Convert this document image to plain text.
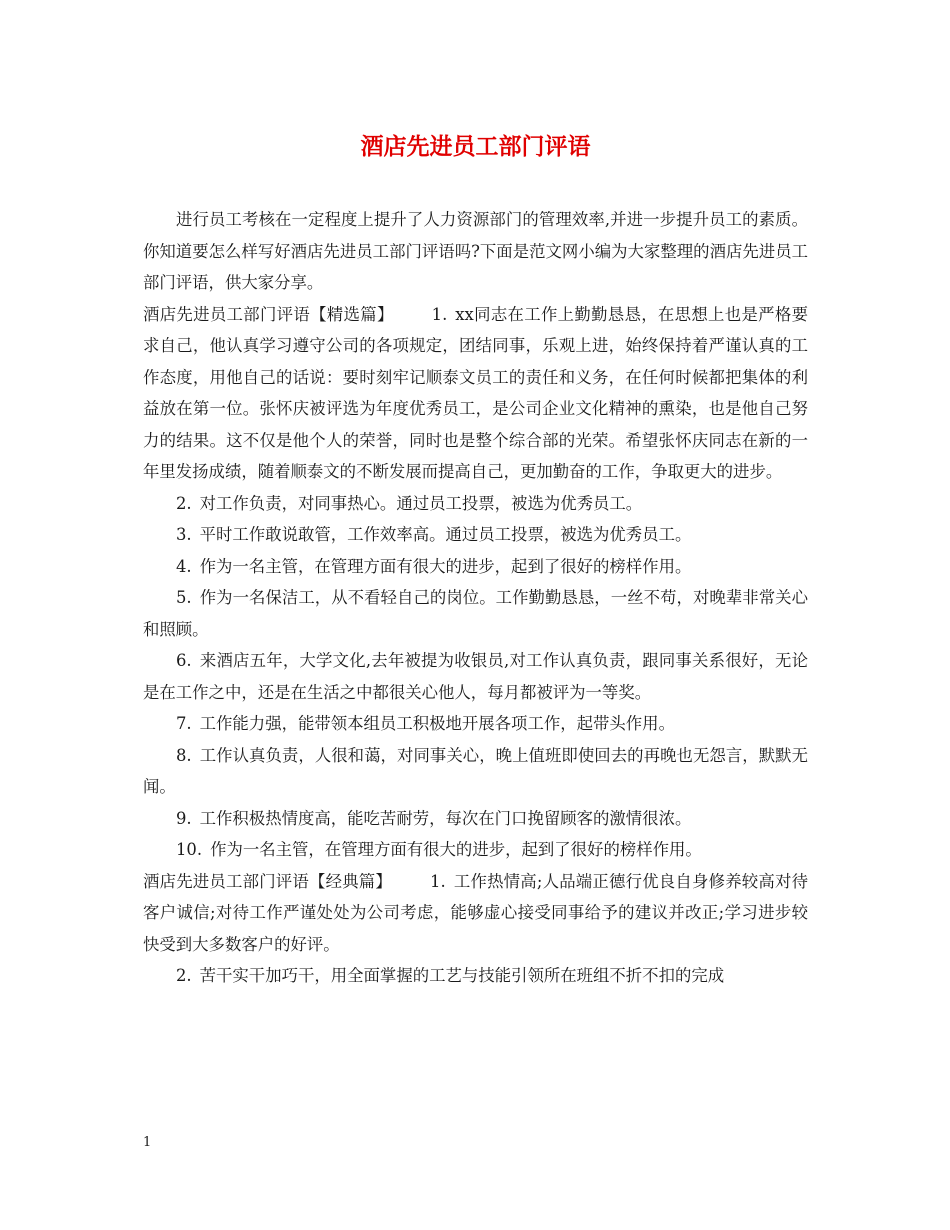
酒店先进员工部门评语

进行员工考核在一定程度上提升了人力资源部门的管理效率,并进一步提升员工的素质。你知道要怎么样写好酒店先进员工部门评语吗?下面是范文网小编为大家整理的酒店先进员工部门评语，供大家分享。

酒店先进员工部门评语【精选篇】 1. xx同志在工作上勤勤恳恳，在思想上也是严格要求自己，他认真学习遵守公司的各项规定，团结同事，乐观上进，始终保持着严谨认真的工作态度，用他自己的话说：要时刻牢记顺泰文员工的责任和义务，在任何时候都把集体的利益放在第一位。张怀庆被评选为年度优秀员工，是公司企业文化精神的熏染，也是他自己努力的结果。这不仅是他个人的荣誉，同时也是整个综合部的光荣。希望张怀庆同志在新的一年里发扬成绩，随着顺泰文的不断发展而提高自己，更加勤奋的工作，争取更大的进步。

2. 对工作负责，对同事热心。通过员工投票，被选为优秀员工。

3. 平时工作敢说敢管，工作效率高。通过员工投票，被选为优秀员工。

4. 作为一名主管，在管理方面有很大的进步，起到了很好的榜样作用。

5. 作为一名保洁工，从不看轻自己的岗位。工作勤勤恳恳，一丝不苟，对晚辈非常关心和照顾。

6. 来酒店五年，大学文化,去年被提为收银员,对工作认真负责，跟同事关系很好，无论是在工作之中，还是在生活之中都很关心他人，每月都被评为一等奖。

7. 工作能力强，能带领本组员工积极地开展各项工作，起带头作用。

8. 工作认真负责，人很和蔼，对同事关心，晚上值班即使回去的再晚也无怨言，默默无闻。

9. 工作积极热情度高，能吃苦耐劳，每次在门口挽留顾客的激情很浓。

10. 作为一名主管，在管理方面有很大的进步，起到了很好的榜样作用。

酒店先进员工部门评语【经典篇】 1. 工作热情高;人品端正德行优良自身修养较高对待客户诚信;对待工作严谨处处为公司考虑，能够虚心接受同事给予的建议并改正;学习进步较快受到大多数客户的好评。

2. 苦干实干加巧干，用全面掌握的工艺与技能引领所在班组不折不扣的完成

1
